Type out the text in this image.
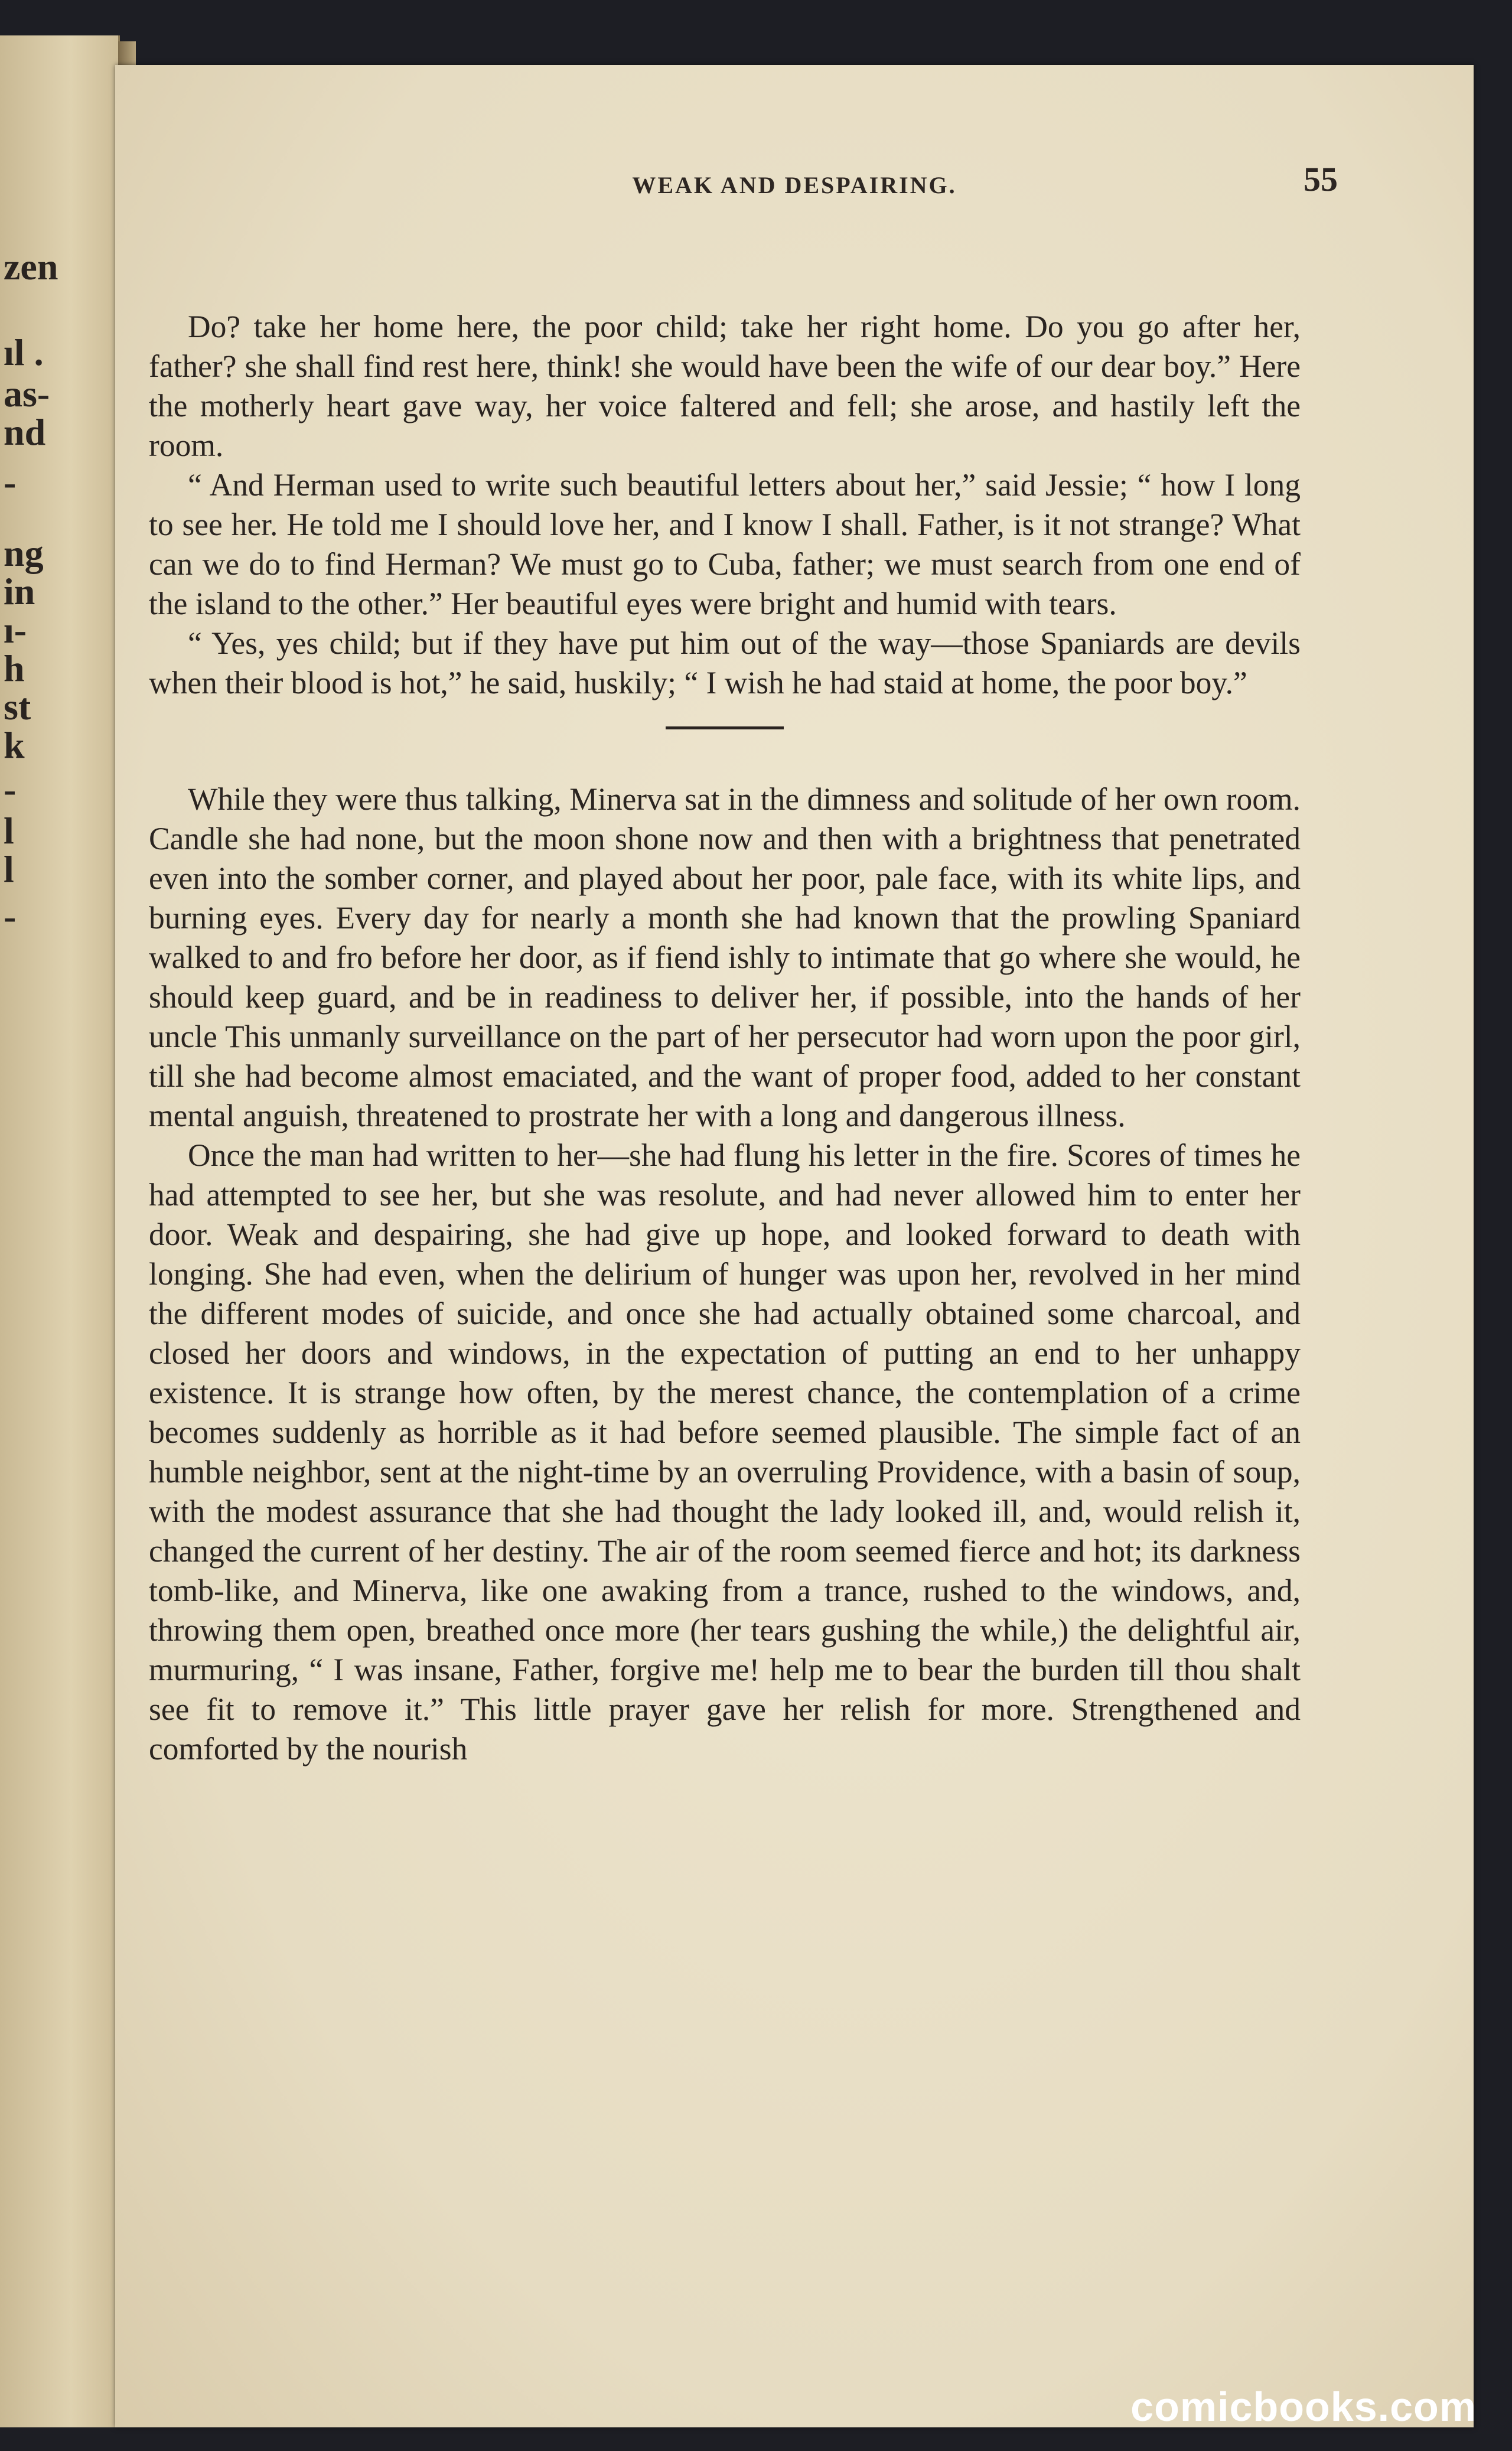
zen
ıl .
as-
nd
-
ng
in
ı-
h
st
k
-
l
l
-
WEAK AND DESPAIRING.	55

Do? take her home here, the poor child; take her right home. Do you go after her, father? she shall find rest here, think! she would have been the wife of our dear boy.” Here the motherly heart gave way, her voice faltered and fell; she arose, and hastily left the room.

“ And Herman used to write such beautiful letters about her,” said Jessie; “ how I long to see her. He told me I should love her, and I know I shall. Father, is it not strange? What can we do to find Herman? We must go to Cuba, father; we must search from one end of the island to the other.” Her beautiful eyes were bright and humid with tears.

“ Yes, yes child; but if they have put him out of the way—those Spaniards are devils when their blood is hot,” he said, huskily; “ I wish he had staid at home, the poor boy.”

While they were thus talking, Minerva sat in the dimness and solitude of her own room. Candle she had none, but the moon shone now and then with a brightness that penetrated even into the somber corner, and played about her poor, pale face, with its white lips, and burning eyes. Every day for nearly a month she had known that the prowling Spaniard walked to and fro before her door, as if fiend ishly to intimate that go where she would, he should keep guard, and be in readiness to deliver her, if possible, into the hands of her uncle This unmanly surveillance on the part of her persecutor had worn upon the poor girl, till she had become almost emaciated, and the want of proper food, added to her constant mental anguish, threatened to prostrate her with a long and dangerous illness.

Once the man had written to her—she had flung his letter in the fire. Scores of times he had attempted to see her, but she was resolute, and had never allowed him to enter her door. Weak and despairing, she had give up hope, and looked forward to death with longing. She had even, when the delirium of hunger was upon her, revolved in her mind the different modes of suicide, and once she had actually obtained some charcoal, and closed her doors and windows, in the expectation of putting an end to her unhappy existence. It is strange how often, by the merest chance, the contemplation of a crime becomes suddenly as horrible as it had before seemed plausible. The simple fact of an humble neighbor, sent at the night-time by an overruling Providence, with a basin of soup, with the modest assurance that she had thought the lady looked ill, and, would relish it, changed the current of her destiny. The air of the room seemed fierce and hot; its darkness tomb-like, and Minerva, like one awaking from a trance, rushed to the windows, and, throwing them open, breathed once more (her tears gushing the while,) the delightful air, murmuring, “ I was insane, Father, forgive me! help me to bear the burden till thou shalt see fit to remove it.” This little prayer gave her relish for more. Strengthened and comforted by the nourish

comicbooks.com
